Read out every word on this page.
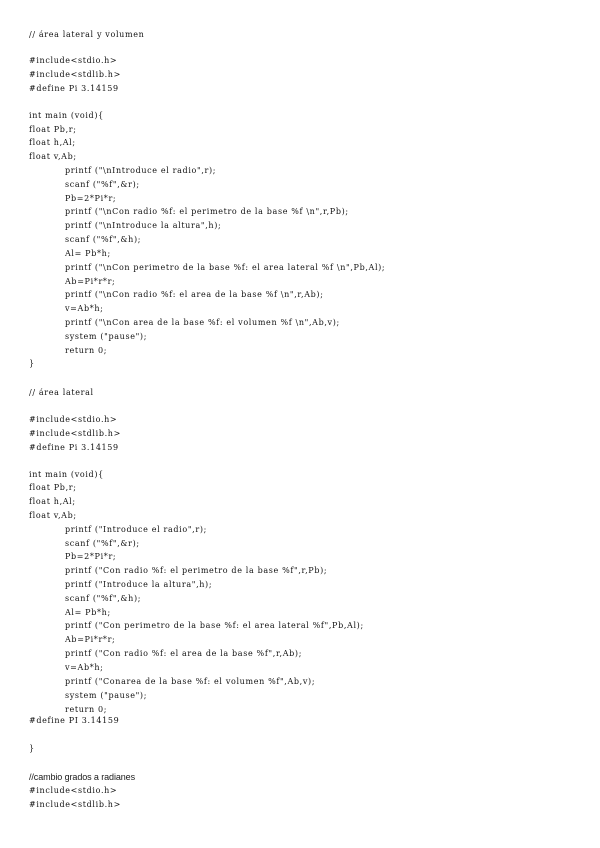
// área lateral y volumen
#include<stdio.h>
#include<stdlib.h>
#define Pi 3.14159
int main (void){
float Pb,r;
float h,Al;
float v,Ab;
printf ("\nIntroduce el radio",r);
scanf ("%f",&r);
Pb=2*Pi*r;
printf ("\nCon radio %f: el perimetro de la base %f \n",r,Pb);
printf ("\nIntroduce la altura",h);
scanf ("%f",&h);
Al= Pb*h;
printf ("\nCon perimetro de la base %f: el area lateral %f \n",Pb,Al);
Ab=Pi*r*r;
printf ("\nCon radio %f: el area de la base %f \n",r,Ab);
v=Ab*h;
printf ("\nCon area de la base %f: el volumen %f \n",Ab,v);
system ("pause");
return 0;
}
// área lateral
#include<stdio.h>
#include<stdlib.h>
#define Pi 3.14159
int main (void){
float Pb,r;
float h,Al;
float v,Ab;
printf ("Introduce el radio",r);
scanf ("%f",&r);
Pb=2*Pi*r;
printf ("Con radio %f: el perimetro de la base %f",r,Pb);
printf ("Introduce la altura",h);
scanf ("%f",&h);
Al= Pb*h;
printf ("Con perimetro de la base %f: el area lateral %f",Pb,Al);
Ab=Pi*r*r;
printf ("Con radio %f: el area de la base %f",r,Ab);
v=Ab*h;
printf ("Conarea de la base %f: el volumen %f",Ab,v);
system ("pause");
return 0;
}
//cambio grados a radianes
#include<stdio.h>
#include<stdlib.h>
#define PI 3.14159
